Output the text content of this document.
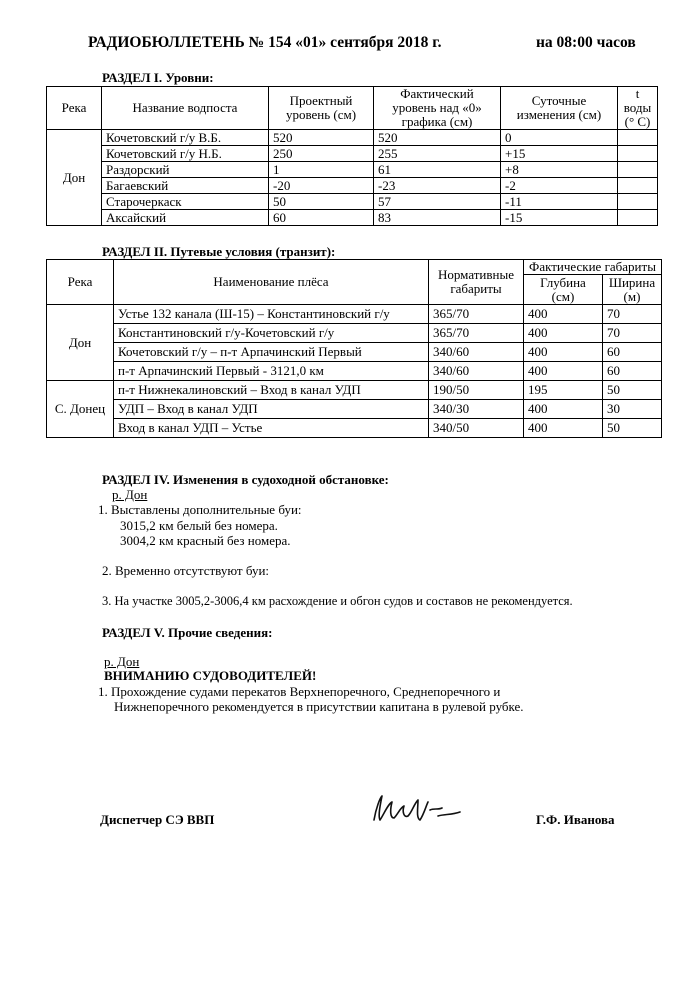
РАДИОБЮЛЛЕТЕНЬ № 154 «01» сентября 2018 г.	на 08:00 часов
РАЗДЕЛ I. Уровни:
Река	Название водпоста	Проектный уровень (см)	Фактический уровень над «0» графика (см)	Суточные изменения (см)	t воды (° С)
Дон	Кочетовский г/у В.Б.	520	520	0	
	Кочетовский г/у Н.Б.	250	255	+15	
	Раздорский	1	61	+8	
	Багаевский	-20	-23	-2	
	Старочеркаск	50	57	-11	
	Аксайский	60	83	-15	
РАЗДЕЛ II. Путевые условия (транзит):
Река	Наименование плёса	Нормативные габариты	Фактические габариты	
			Глубина (см)	Ширина (м)
Дон	Устье 132 канала (Ш-15) – Константиновский г/у	365/70	400	70
	Константиновский г/у-Кочетовский г/у	365/70	400	70
	Кочетовский г/у – п-т Арпачинский Первый	340/60	400	60
	п-т Арпачинский Первый - 3121,0 км	340/60	400	60
С. Донец	п-т Нижнекалиновский – Вход в канал УДП	190/50	195	50
	УДП – Вход в канал УДП	340/30	400	30
	Вход в канал УДП – Устье	340/50	400	50
РАЗДЕЛ IV. Изменения в судоходной обстановке:
р. Дон
1. Выставлены дополнительные буи:
3015,2 км белый без номера.
3004,2 км красный без номера.
2. Временно отсутствуют буи:
3. На участке 3005,2-3006,4 км расхождение и обгон судов и составов не рекомендуется.
РАЗДЕЛ V. Прочие сведения:
р. Дон
ВНИМАНИЮ СУДОВОДИТЕЛЕЙ!
1. Прохождение судами перекатов Верхнепоречного, Среднепоречного и
Нижнепоречного рекомендуется в присутствии капитана в рулевой рубке.
Диспетчер СЭ ВВП	Г.Ф. Иванова
